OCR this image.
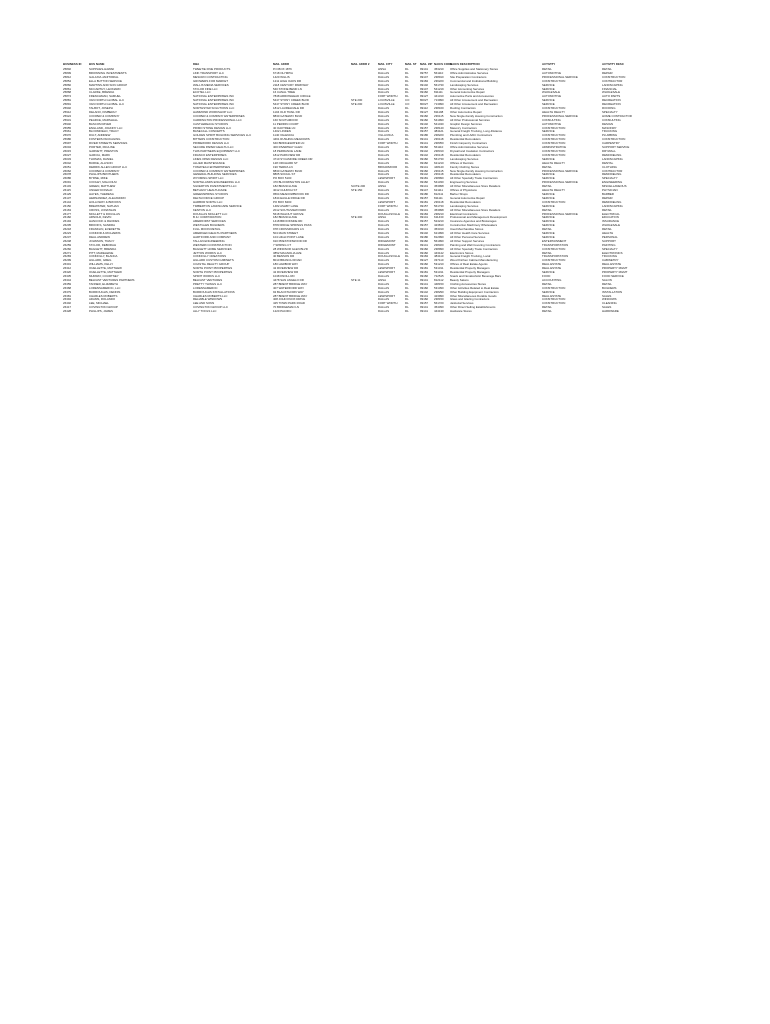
BUSINESS ID	BUS NAME	DBA	MAIL ADDR	MAIL ADDR 2	MAIL CITY	MAIL ST	MAIL ZIP	NAICS CODE	NAICS DESCRIPTION	ACTIVITY	ACTIVITY DESC
25802	SUPPLIES-HAWAII	TWEETIE FINE PRODUCTS	P.O.BOX 1876		HNSA	DL	99141	453210	Office Supplies and Stationery Stores	RETAIL	RETAIL
25809	BROWNING INVESTMENTS	LINK TRANSPORT LLC	6718 OLYMPIA		DALLAS	DL	99757	561110	Office Administrative Services	AUTOMOTIVE	REPAIR
25812	GALAXIA JANITORIAL	MESCRO CONTRACTING	1420 WILLIS		DALLAS	DL	99147	238910	Site Preparation Contractors	PROFESSIONAL SERVICE	CONSTRUCTION
25854	ELLA BUTTON SERVICE	GROWERS FOR MARKET	1211 HIGH OAKS DR		DALLAS	DL	99184	236220	Commercial and Institutional Building	CONSTRUCTION	CONTRACTOR
25860	MARTINS AND SON GROUP	WALLIS MEDIA SERVICES	2118 CENTURY PARKWAY		DALLAS	DL	99102	561730	Landscaping Services	SERVICE	LANDSCAPING
25861	MCCARTHY, LEONARD	TAYLOR FINE LLC	540 STONE BEND LN		DALLAS	DL	99147	541219	Other Accounting Services	SERVICE	FINANCIAL
25868	CLARKE, BRENDA	ECOTEL LLC	16 CANAL TREE		DALLAS	DL	99182	811111	General Automotive Repair	WHOLESALE	WHOLESALE
25874	FRENCHMAN, SAMUEL	NATIONAL ENTERPRISES INC	7848 ARROWHEAD CIRCLE		FORT WORTH	DL	99127	441310	Automotive Parts and Accessories	AUTOMOTIVE	AUTO PARTS
25881	VAN NORTH GLOBAL LLC	NATIONAL ENTERPRISES INC	5447 STONY CREEK BLVD	STE 200	LOUISVILLE	CO	80027	713990	All Other Amusement and Recreation	SERVICE	RECREATION
25891	VAN NORTH GLOBAL LLC	NATIONAL ENTERPRISES INC	5447 STONY CREEK BLVD	STE 200	LOUISVILLE	CO	80027	713990	All Other Amusement and Recreation	SERVICE	RECREATION
25902	TALBOT, JOSEPH	NORTHSTAR SOLUTIONS LLC	1812 LAURELDALE DR		DALLAS	DL	99112	238160	Roofing Contractors	CONSTRUCTION	ROOFING
25912	DELANO, KIMBERLY	HAMMOND WORKSHOP LLC	1104 OLD TRAIL DR		DALLAS	DL	99127	811198	Other Automotive Repair	HEALTH REALTY	SPECIALTY
25924	COOPER & COMPANY	COOPER & COMPANY ENTERPRISES	8830 GATEWAY BLVD		DALLAS	DL	99182	236115	New Single-Family Housing Construction	PROFESSIONAL SERVICE	HOME CONTRACTOR
25931	PEARCE, MARSHALL	CARRINGTON PROFESSIONAL LLC	160 SOUTHMOOR		DALLAS	DL	99182	541990	All Other Professional Services	CONSULTING	CONSULTING
25940	BASCOM RIVER	CASTLEREACH STUDIOS	11 PERRIN COURT		DALLAS	DL	99102	541430	Graphic Design Services	AUTOMOTIVE	DESIGN
25955	ENGLAND, JOHNNY LLC	PRIMO STONE DESIGN LLC	40 OAKTREE LN		DALLAS	DL	99157	238140	Masonry Contractors	CONSTRUCTION	MASONRY
25961	BLOOMFIELD, TRACY	BASECALL CONCEPTS	1402 LINDEN		DALLAS	DL	99157	484121	General Freight Trucking, Long-Distance	SERVICE	TRUCKING
25970	DULT, ANDREW	GOLDEN SPIRIT BUILDING SERVICES LLC	1140 VALENCIA		VILLA RICA	DL	99186	238220	Plumbing and HVAC Contractors	CONSTRUCTION	PLUMBING
25986	FOSTERS PACKAGING	BITTERS CONSTRUCTION	4461 RUSHING MEADOWS		DALLAS	DL	99141	236118	Residential Remodelers	CONSTRUCTION	CONSTRUCTION
25997	RIVER STREETS SERVICES	PRIMEWORK DESIGN LLC	640 BRIDGEWATER LN		FORT WORTH	DL	99141	238350	Finish Carpentry Contractors	CONSTRUCTION	CARPENTRY
26004	PORTER, PAULINE	SECURE PAPER HEALTH LLC	400 RIVERWAY GLEN		DALLAS	DL	99182	561110	Office Administrative Services	ADMINISTRATIVE	SUPPORT SERVICE
26015	GARNETT, PRESTON	THIS PARTNERS EQUIPMENT LLC	18 PERRANCE LANE		DALLAS	DL	99142	238310	Drywall and Insulation Contractors	CONSTRUCTION	DRYWALL
26027	GARCIA, MARK	FRANCO ENTERPRISES	1812 PARKVIEW DR		DALLAS	DL	99142	236118	Residential Remodelers	CONSTRUCTION	REMODELING
26033	THOMAS, DANIEL	LINES OPEN DESIGN LLC	4710 SYCAMORE CREEK DR		DALLAS	DL	99182	561730	Landscaping Services	SERVICE	LANDSCAPING
26042	BURKE, ALLISON	ALLIED MAINTENANCE	128 ORCHARD ST		DALLAS	DL	99182	621210	Offices of Dentists	HEALTH REALTY	DENTAL
26051	DERRIK ALLEN GROUP LLC	TOMATEAU ENTERPRISES	190 TERRA LN		BROADMOOR	DL	99141	448140	Family Clothing Stores	RETAIL	CLOTHING
26062	COOPER & COMPANY	COOPER & COMPANY ENTERPRISES	8830 GATEWAY BLVD		DALLAS	DL	99182	236115	New Single-Family Housing Construction	PROFESSIONAL SERVICE	CONTRACTOR
26078	PHILLIPS BROTHERS	GENERAL BUILDING SERVICES	8805 SOCIAL ST		DALLAS	DL	99142	236118	Residential Remodelers	SERVICE	REMODELING
26086	BYRNE, MIKE	WYOMING SPIRIT LLC	PO BOX 5100		LEWISPORT	DL	99181	238990	All Other Specialty Trade Contractors	SERVICE	SPECIALTY
26091	COOLEY, MALCOLM	NORTHLANDS ENGINEERING LLC	470 BLOOMINGTON ALLEY		DALLAS	DL	99182	541330	Engineering Services	PROFESSIONAL SERVICE	ENGINEERING
26103	GREEN, MATTHEW	SILVERTON INVESTMENTS LLC	182 BRANCH AVE	SUITE 200	HNSA	DL	99141	453998	All Other Miscellaneous Store Retailers	RETAIL	MISCELLANEOUS
26115	UNGER DONALD	BETHANY HEALTHCARE	4012 CHURCH ST	STE 150	DALLAS	DL	99147	621111	Offices of Physicians	HEALTH REALTY	PHYSICIAN
26129	HAYES, THERESA	GREENSPRING STUDIOS	9564 MEADOWBROOK RD		DALLAS	DL	99180	812111	Barber Shops	SERVICE	BARBER
26137	HERNANDEZ, ALEJANDRO	DELTA FORCE GROUP	1844 EAGLE RIDGE DR		DALLAS	DL	99157	811111	General Automotive Repair	SERVICE	REPAIR
26144	HOLLOWAY & BROOKS	HARBOR NORTH LLC	PO BOX 8400		LEWISPORT	DL	99181	236118	Residential Remodelers	CONSTRUCTION	REMODELING
26150	BREWSTER, NATHAN	TIMBERTON LANDSCAPE SERVICE	1482 ASHBY LANE		FORT WORTH	DL	99157	561730	Landscaping Services	SERVICE	LANDSCAPING
26163	CROSS, JONATHAN	KENTON LLC	2012 SOUTHVIEW PARK		DALLAS	DL	99141	453998	All Other Miscellaneous Store Retailers	RETAIL	RETAIL
26177	MOLLETT & DOUGLAS	DOUGLAS MOLLETT LLC	5618 WALNUT GROVE		DOUGLASVILLE	DL	99184	238210	Electrical Contractors	PROFESSIONAL SERVICE	ELECTRICAL
26182	ARNOLD, KEVIN	B & I CORPORATION	182 BRANCH AVE	STE 400	HNSA	DL	99141	611430	Professional and Management Development	SERVICE	EDUCATION
26194	HANCOCK & RHODES	AMERIFIRST SERVICES	1418 BROOKSIDE RD		DALLAS	DL	99157	524210	Insurance Agencies and Brokerages	SERVICE	INSURANCE
26205	BROOKS, SANDRA	WESTGLEN BUILDERS	8783 RIDGE SPRINGS PASS		DALLAS	DL	99157	423810	Construction Machinery Wholesalers	SERVICE	WHOLESALE
26218	FRANKLIN, EVERETTE	FULL MOON RETAIL	978 CROSSROADS LN		DALLAS	DL	99141	453310	Used Merchandise Stores	RETAIL	RETAIL
26223	CONNOR & RICHARDS	AMERIGEN HEALTH PARTNERS	504 MAIN STREET		DALLAS	DL	99102	621999	All Other Health Care Services	SERVICE	HEALTH
26237	DEAL ANDREW	HARTFORD AND COMPANY	104 HIGH POINT LANE		DALLAS	DL	99180	812990	All Other Personal Services	SERVICE	PERSONAL
26248	JOHNSON, TRACY	TALLAN ENGINEERING	910 PRESTONWOOD DR		RIDGEMONT	DL	99182	561990	All Other Support Services	ENTERTAINMENT	SUPPORT
26259	TAYLOR, DEBORAH	WESTERN CONSTRUCTION	7 SPRING CT		RIDGEMONT	DL	99141	238320	Painting and Wall Covering Contractors	TRANSPORTATION	PAINTING
26260	BAGGETT, BRENDA	BAGGETT HOME SERVICES	28 WINDSOR GLEN BLVD		DALLAS	DL	99182	238990	All Other Specialty Trade Contractors	CONSTRUCTION	SPECIALTY
26271	PITT, MADELEINE	JETTON WORKS LLC	3852 MAGNOLIA AVE		DALLAS	DL	99182	443142	Electronics Stores	RETAIL	ELECTRONICS
26283	CONNOLLY, BLANCA	CONNOLLY CREATIONS	40 BENSON DR		DOUGLASVILLE	DL	99184	484110	General Freight Trucking, Local	TRANSPORTATION	TRUCKING
26299	HILLARD, GREG	HILLARD CUSTOM CABINETS	8010 BRANCH ROAD		DALLAS	DL	99127	337110	Wood Kitchen Cabinet Manufacturing	CONSTRUCTION	CABINETRY
26301	WILLIAMS, KELLY	COASTAL REALTY GROUP	180 HARBOR WAY		DALLAS	DL	99182	531210	Offices of Real Estate Agents	REAL ESTATE	REAL ESTATE
26312	OUELLETTE, MATTHEW	NORTH POINT PROPERTIES	42 RIVERVIEW DR		LEWISPORT	DL	99181	531311	Residential Property Managers	REAL ESTATE	PROPERTY MGMT
26320	OUELLETTE, MATTHEW	NORTH POINT PROPERTIES	42 RIVERVIEW DR		LEWISPORT	DL	99181	531311	Residential Property Managers	SERVICE	PROPERTY MGMT
26335	MURRAY, COURTNEY	SPIRIT WORKS LLC	1048 KNOLL RD		DALLAS	DL	99182	722515	Snack and Nonalcoholic Beverage Bars	FOOD	FOOD SERVICE
26344	BELFAST VENTURES PARTNERS	BELFAST VENTURES	4478 SAN ANGELO DR	STE 11	HNSA	DL	99141	812112	Beauty Salons	ACCOUNTING	SALON
26359	TANNER, ELIZABETH	PRETTY THINGS LLC	287 BRENT BRIDGE WAY		DALLAS	DL	99141	448150	Clothing Accessories Stores	RETAIL	RETAIL
26368	LORENSAMEROC, LLC	LORENSAMEROC	407 WATERFORD WAY		DALLAS	DL	99182	531390	Other Activities Related to Real Estate	CONSTRUCTION	BUILDERS
26379	BURROUGHS, DENNIS	BURROUGHS INSTALLATIONS	92 BLACKTHORN WAY		DALLAS	DL	99142	238290	Other Building Equipment Contractors	SERVICE	INSTALLATION
26381	CHARLES ROBERTS	CHARLES ROBERTS LLC	287 BRENT BRIDGE WAY		LEWISPORT	DL	99141	423990	Other Miscellaneous Durable Goods	REAL ESTATE	SALES
26394	ADAMS, ROLANDO	RELIABLE WINDOWS	408 JOHN KNOX DRIVE		DALLAS	DL	99182	238150	Glass and Glazing Contractors	CONSTRUCTION	WINDOWS
26402	LEE, MICHAEL	LEE AND SONS	425 TOWN PARK ROAD		FORT WORTH	DL	99157	561720	Janitorial Services	CONSTRUCTION	CLEANING
26417	COVINGTON GROUP	COVINGTON GROUP LLC	70 BRIDGEMAN LN		DALLAS	DL	99141	454390	Other Direct Selling Establishments	RETAIL	SALES
26428	PHILLIPS, JAMES	ALLY TOOLS LLC	1220 PACIFIC		DALLAS	DL	99141	444130	Hardware Stores	RETAIL	HARDWARE
